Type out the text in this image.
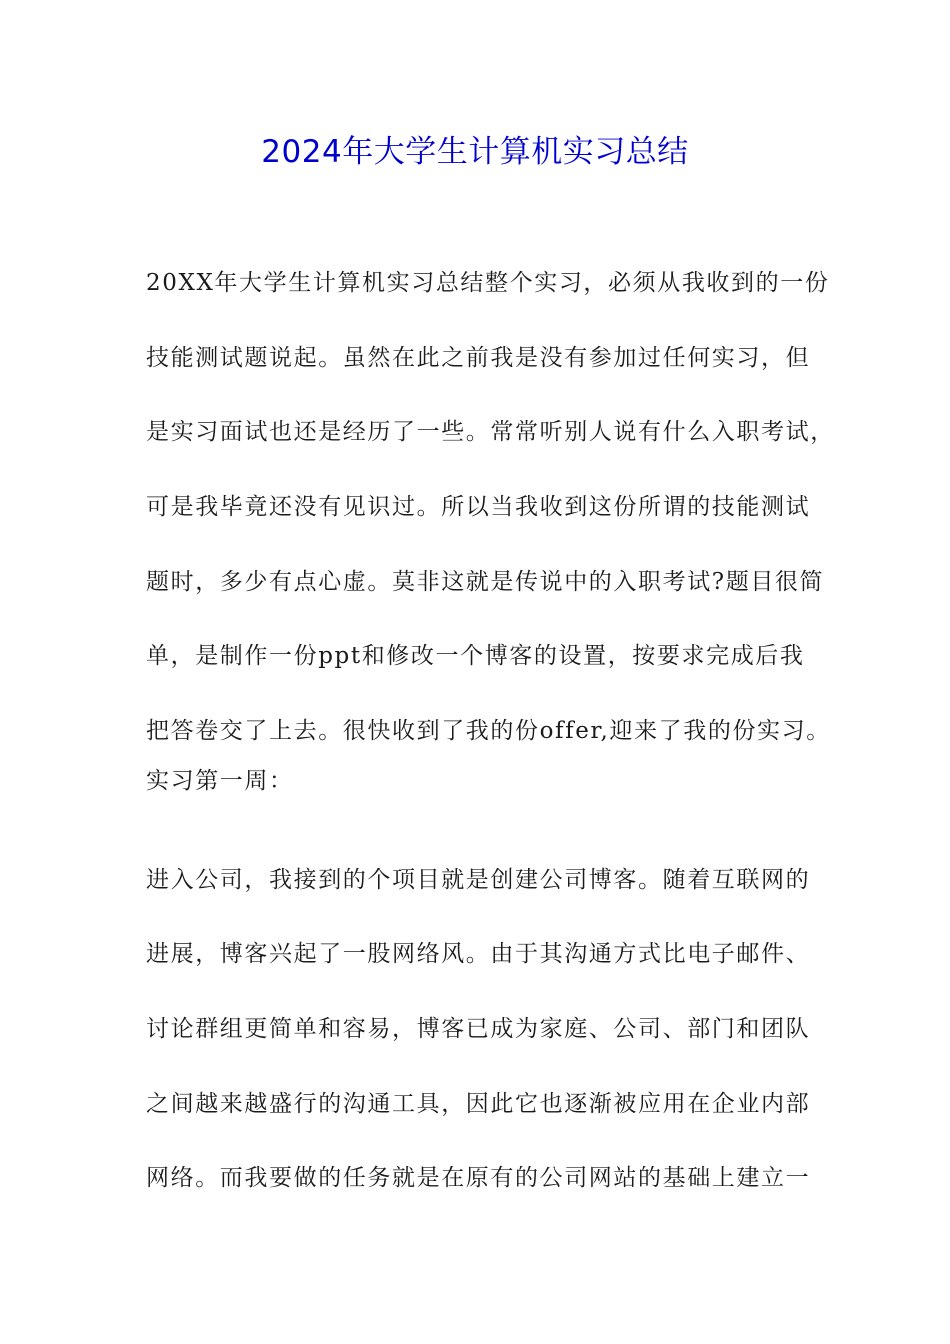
2024年大学生计算机实习总结
20XX年大学生计算机实习总结整个实习，必须从我收到的一份
技能测试题说起。虽然在此之前我是没有参加过任何实习，但
是实习面试也还是经历了一些。常常听别人说有什么入职考试，
可是我毕竟还没有见识过。所以当我收到这份所谓的技能测试
题时，多少有点心虚。莫非这就是传说中的入职考试?题目很简
单，是制作一份ppt和修改一个博客的设置，按要求完成后我
把答卷交了上去。很快收到了我的份offer,迎来了我的份实习。
实习第一周：
进入公司，我接到的个项目就是创建公司博客。随着互联网的
进展，博客兴起了一股网络风。由于其沟通方式比电子邮件、
讨论群组更简单和容易，博客已成为家庭、公司、部门和团队
之间越来越盛行的沟通工具，因此它也逐渐被应用在企业内部
网络。而我要做的任务就是在原有的公司网站的基础上建立一
